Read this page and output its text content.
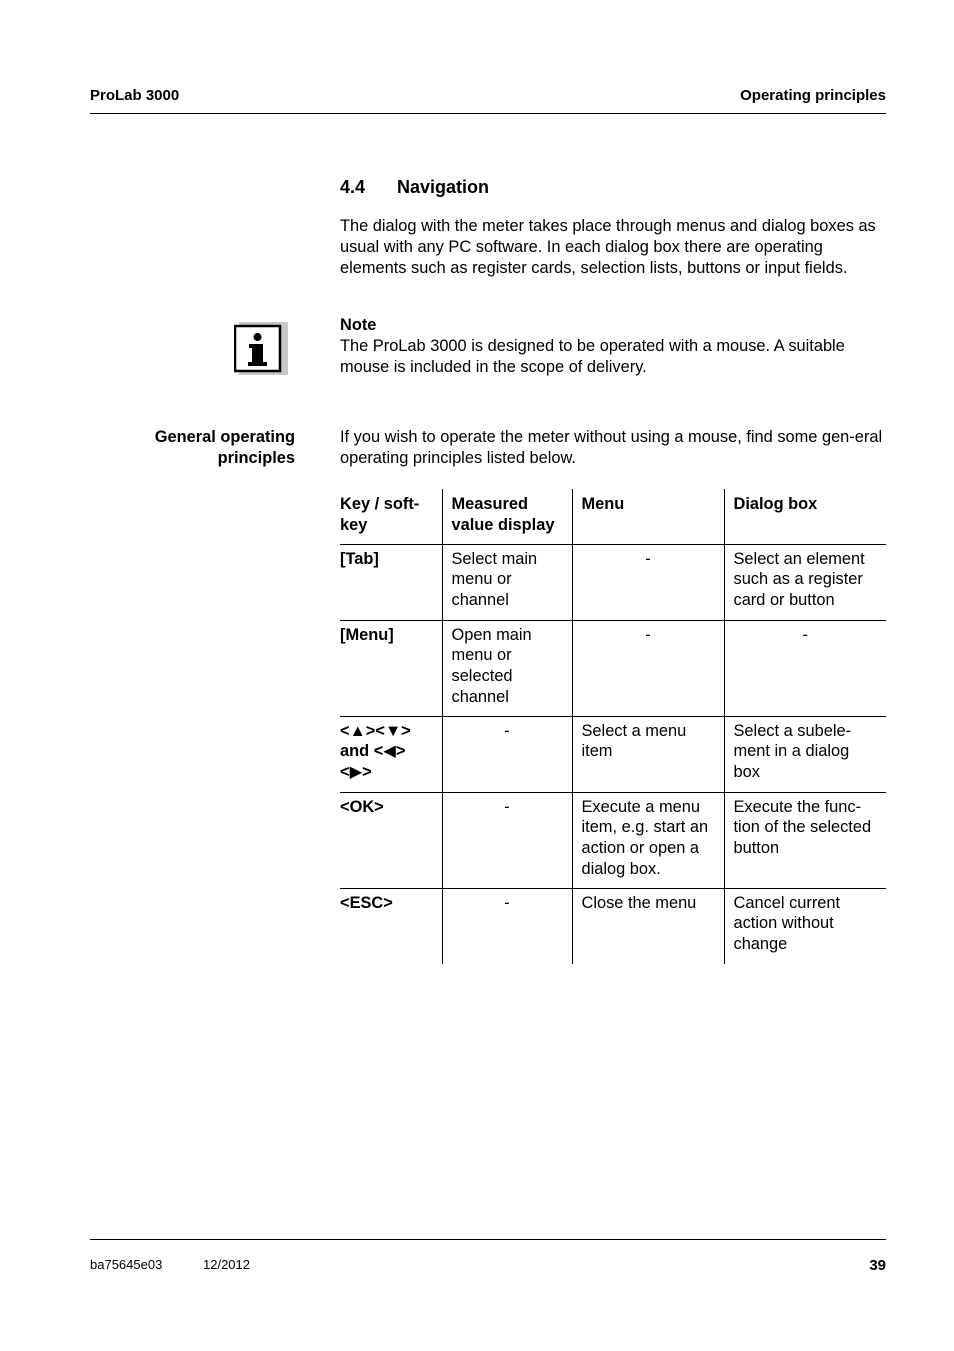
ProLab 3000	Operating principles
4.4 Navigation
The dialog with the meter takes place through menus and dialog boxes as usual with any PC software. In each dialog box there are operating elements such as register cards, selection lists, buttons or input fields.
Note
The ProLab 3000 is designed to be operated with a mouse. A suitable mouse is included in the scope of delivery.
General operating
principles
If you wish to operate the meter without using a mouse, find some gen-eral operating principles listed below.
Key / soft-key	Measured value display	Menu	Dialog box
[Tab]	Select main menu or channel	-	Select an element such as a register card or button
[Menu]	Open main menu or selected channel	-	-
<▲><▼> and <◀><▶>	-	Select a menu item	Select a subele-ment in a dialog box
<OK>	-	Execute a menu item, e.g. start an action or open a dialog box.	Execute the func-tion of the selected button
<ESC>	-	Close the menu	Cancel current action without change
ba75645e03	12/2012	39
